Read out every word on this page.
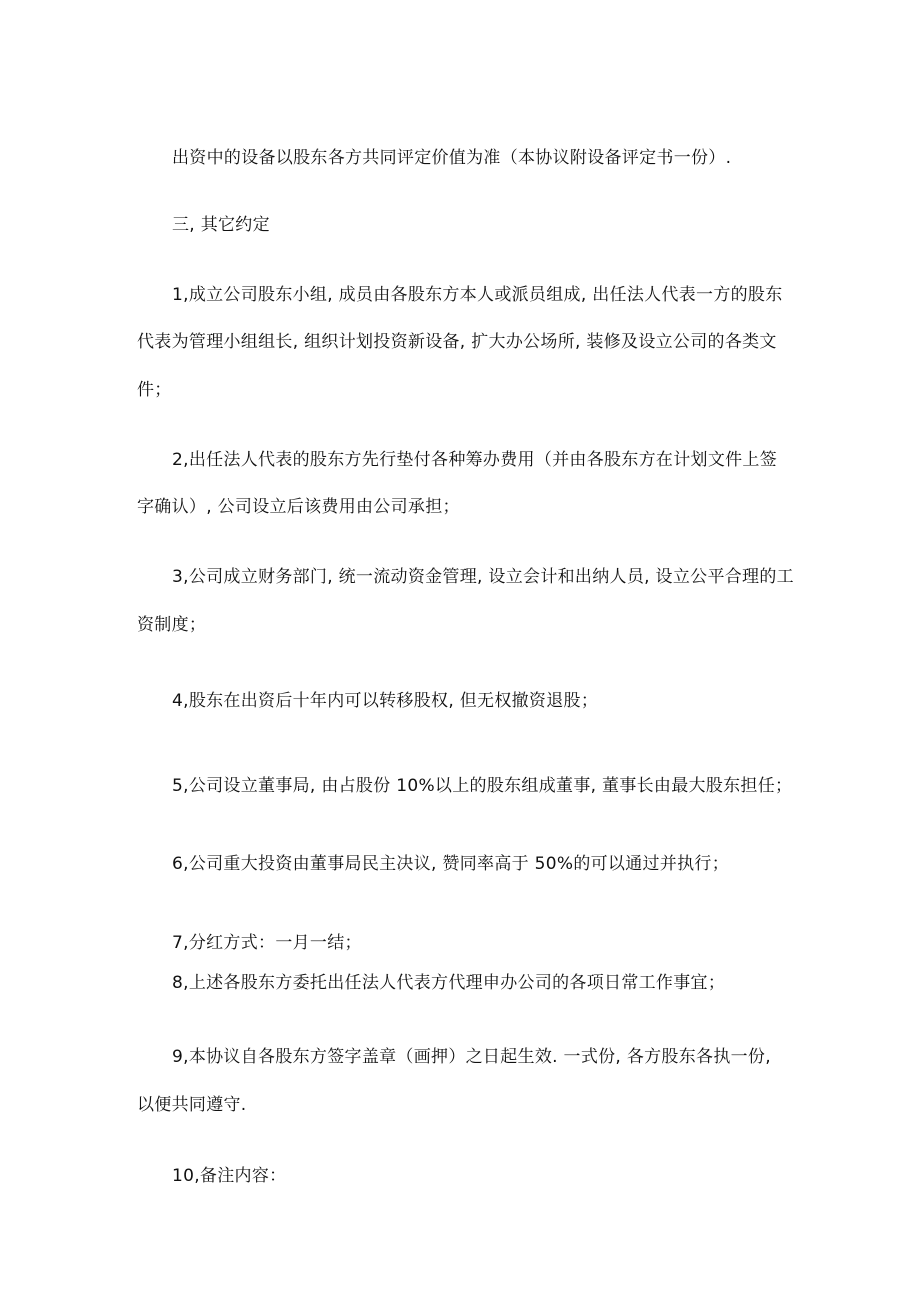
出资中的设备以股东各方共同评定价值为准（本协议附设备评定书一份）.
三, 其它约定
1,成立公司股东小组, 成员由各股东方本人或派员组成, 出任法人代表一方的股东
代表为管理小组组长, 组织计划投资新设备, 扩大办公场所, 装修及设立公司的各类文
件；
2,出任法人代表的股东方先行垫付各种筹办费用（并由各股东方在计划文件上签
字确认）, 公司设立后该费用由公司承担；
3,公司成立财务部门, 统一流动资金管理, 设立会计和出纳人员, 设立公平合理的工
资制度；
4,股东在出资后十年内可以转移股权, 但无权撤资退股；
5,公司设立董事局, 由占股份 10%以上的股东组成董事, 董事长由最大股东担任；
6,公司重大投资由董事局民主决议, 赞同率高于 50%的可以通过并执行；
7,分红方式：一月一结；
8,上述各股东方委托出任法人代表方代理申办公司的各项日常工作事宜；
9,本协议自各股东方签字盖章（画押）之日起生效. 一式份, 各方股东各执一份,
以便共同遵守.
10,备注内容：
